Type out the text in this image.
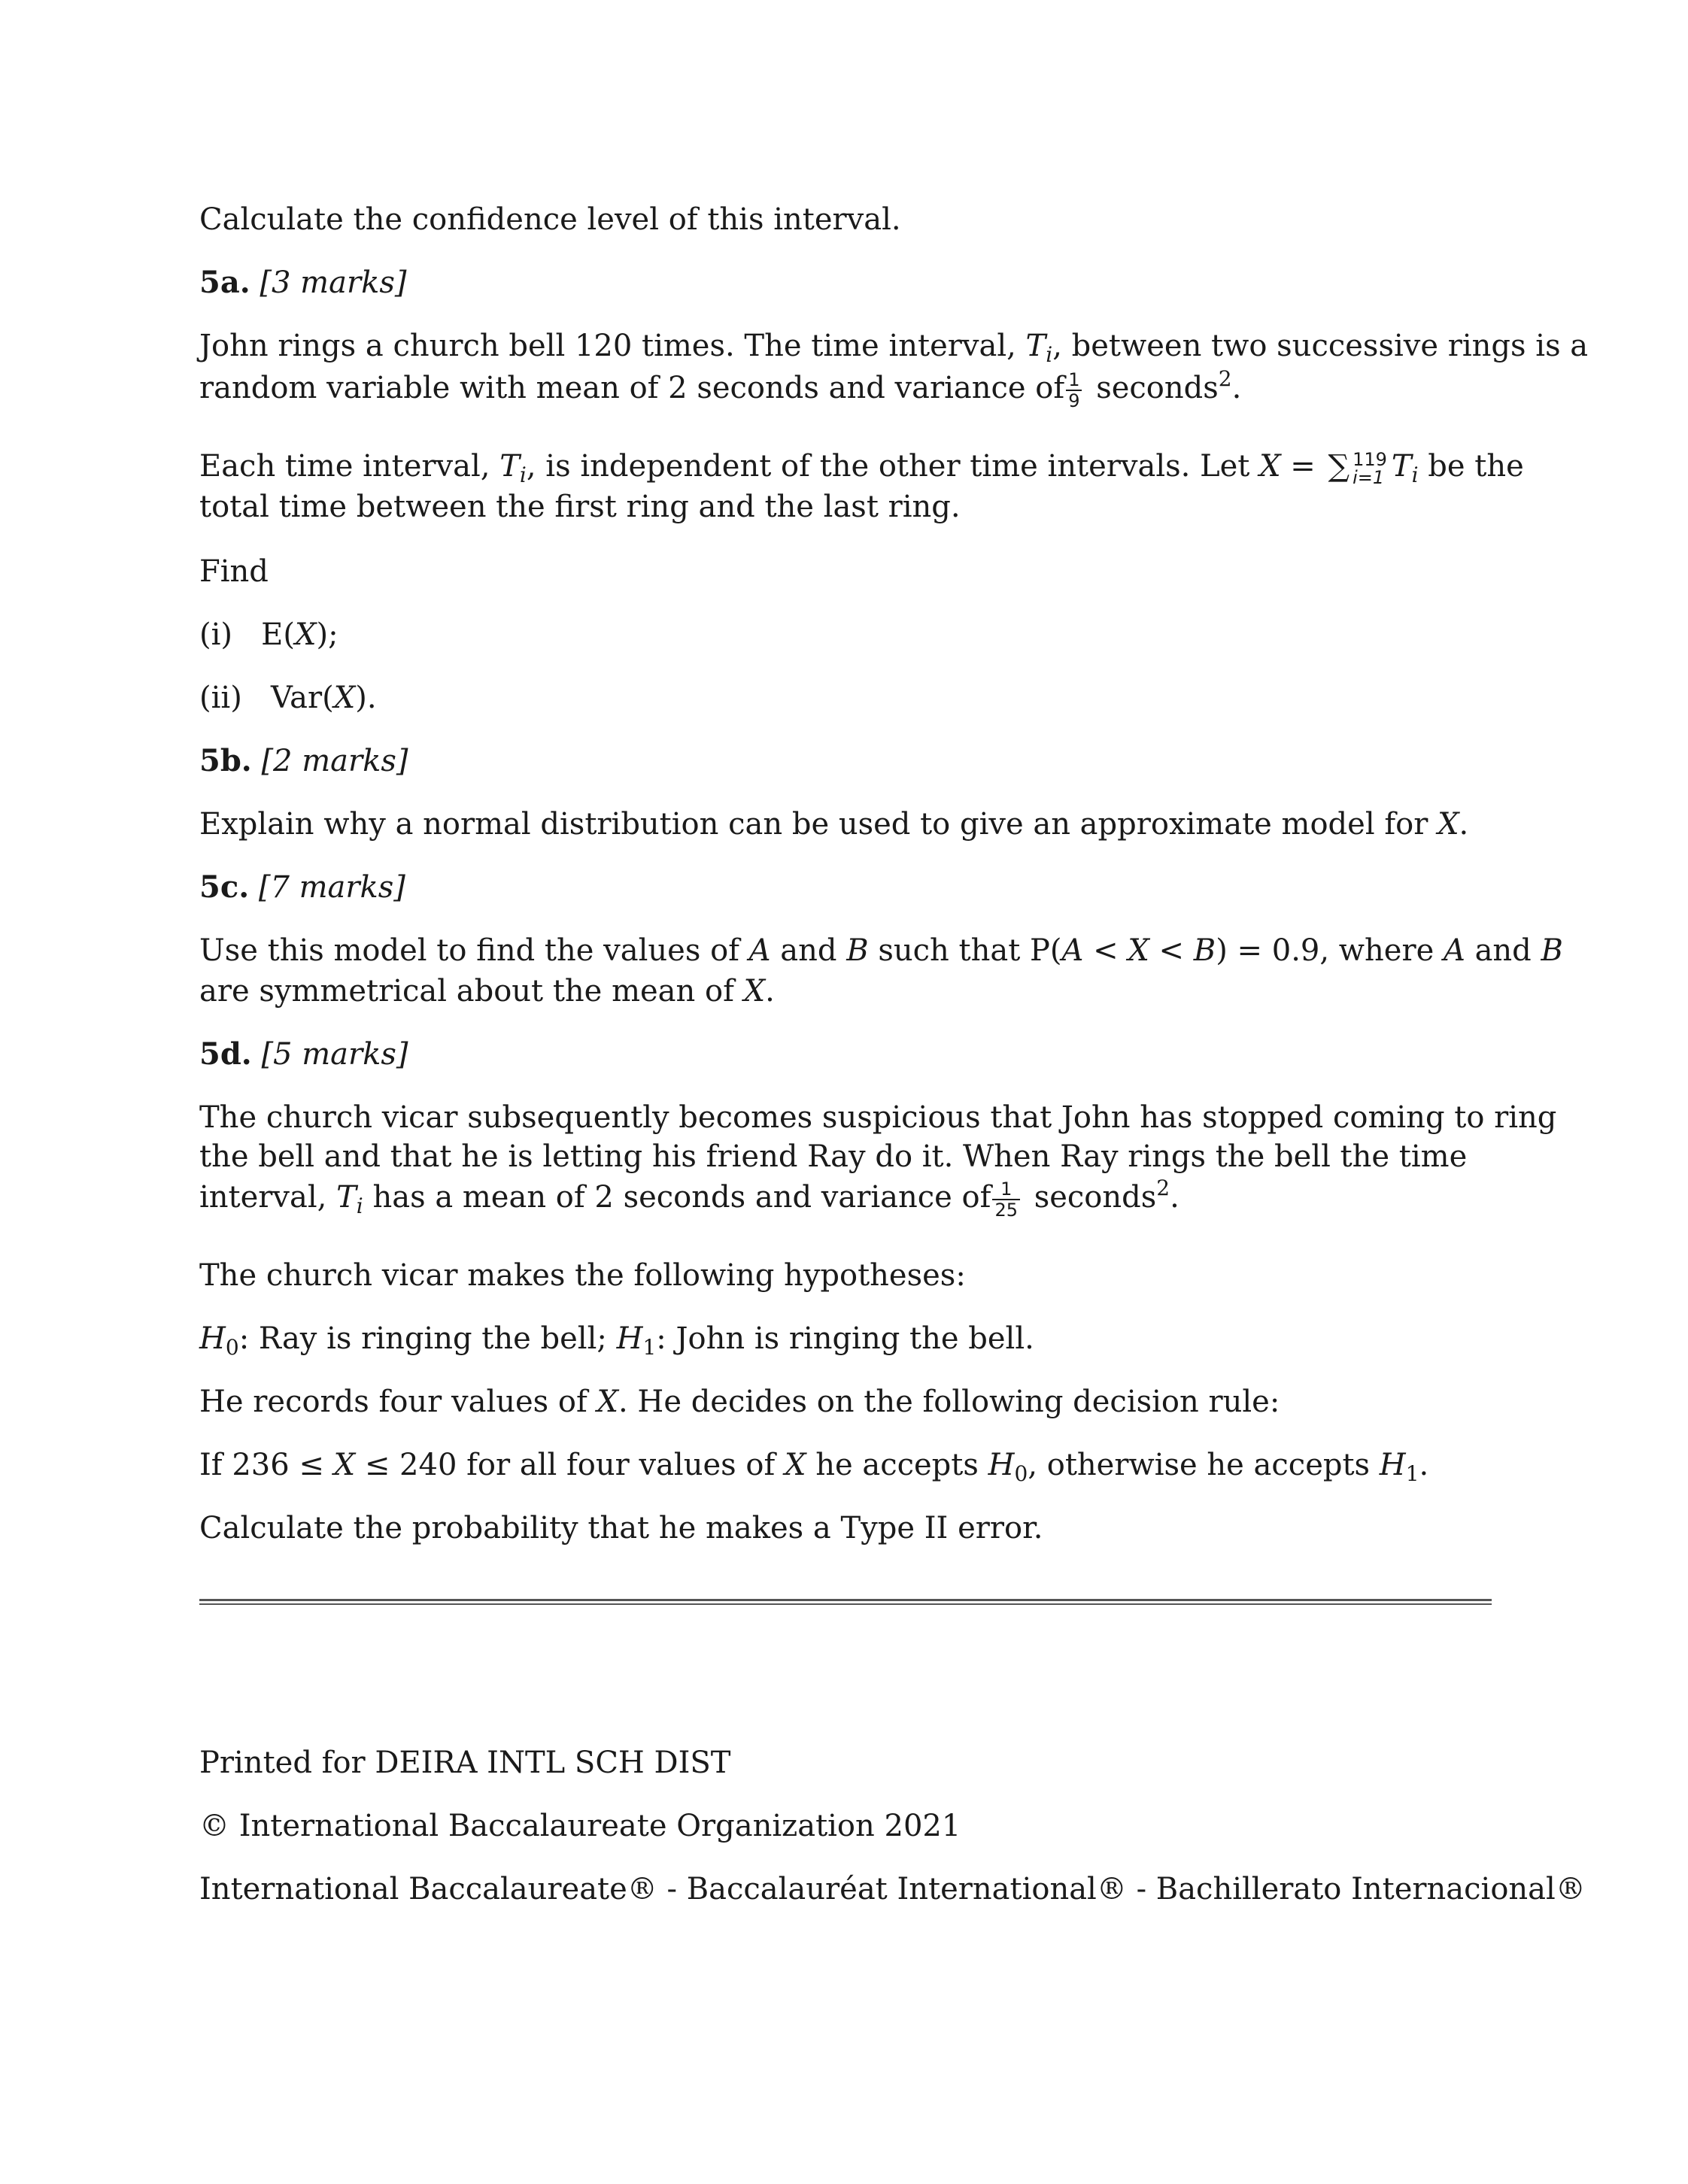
Calculate the confidence level of this interval.
5a. [3 marks]
John rings a church bell 120 times. The time interval, $T_i$, between two successive rings is a
random variable with mean of 2 seconds and variance of $\frac{1}{9}$ seconds$^2$.
Each time interval, $T_i$, is independent of the other time intervals. Let X = ∑ 119
i=1 $T_i$ be the
total time between the first ring and the last ring.
Find
(i) E(X);
(ii) Var(X).
5b. [2 marks]
Explain why a normal distribution can be used to give an approximate model for X.
5c. [7 marks]
Use this model to find the values of A and B such that P(A < X < B) = 0.9, where A and B
are symmetrical about the mean of X.
5d. [5 marks]
The church vicar subsequently becomes suspicious that John has stopped coming to ring
the bell and that he is letting his friend Ray do it. When Ray rings the bell the time
interval, $T_i$ has a mean of 2 seconds and variance of $\frac{1}{25}$ seconds$^2$.
The church vicar makes the following hypotheses:
$H_0$: Ray is ringing the bell; $H_1$: John is ringing the bell.
He records four values of X. He decides on the following decision rule:
If 236 ≤ X ≤ 240 for all four values of X he accepts $H_0$, otherwise he accepts $H_1$.
Calculate the probability that he makes a Type II error.
Printed for DEIRA INTL SCH DIST
© International Baccalaureate Organization 2021
International Baccalaureate® - Baccalauréat International® - Bachillerato Internacional®
